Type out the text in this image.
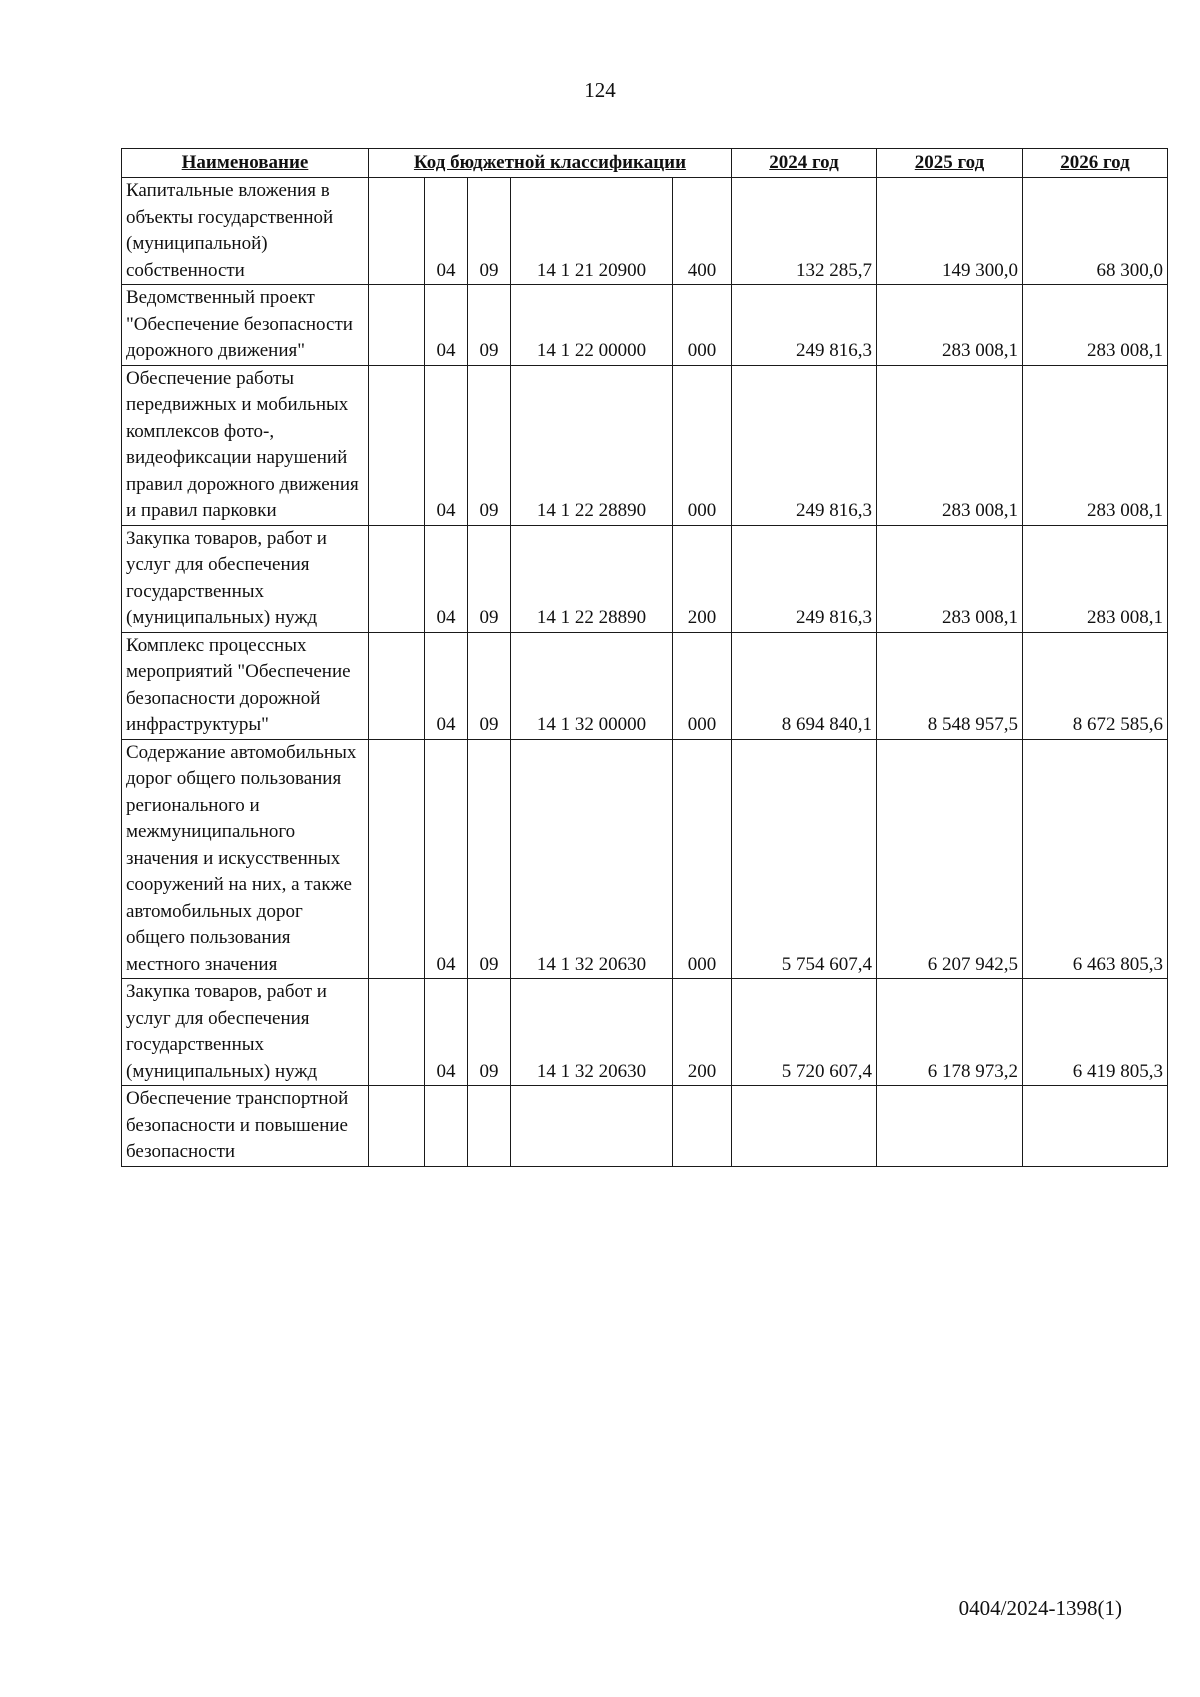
124
Наименование	Код бюджетной классификации					2024 год	2025 год	2026 год
Капитальные вложения в объекты государственной (муниципальной) собственности		04	09	14 1 21 20900	400	132 285,7	149 300,0	68 300,0
Ведомственный проект "Обеспечение безопасности дорожного движения"		04	09	14 1 22 00000	000	249 816,3	283 008,1	283 008,1
Обеспечение работы передвижных и мобильных комплексов фото-, видеофиксации нарушений правил дорожного движения и правил парковки		04	09	14 1 22 28890	000	249 816,3	283 008,1	283 008,1
Закупка товаров, работ и услуг для обеспечения государственных (муниципальных) нужд		04	09	14 1 22 28890	200	249 816,3	283 008,1	283 008,1
Комплекс процессных мероприятий "Обеспечение безопасности дорожной инфраструктуры"		04	09	14 1 32 00000	000	8 694 840,1	8 548 957,5	8 672 585,6
Содержание автомобильных дорог общего пользования регионального и межмуниципального значения и искусственных сооружений на них, а также автомобильных дорог общего пользования местного значения		04	09	14 1 32 20630	000	5 754 607,4	6 207 942,5	6 463 805,3
Закупка товаров, работ и услуг для обеспечения государственных (муниципальных) нужд		04	09	14 1 32 20630	200	5 720 607,4	6 178 973,2	6 419 805,3
Обеспечение транспортной безопасности и повышение безопасности								
0404/2024-1398(1)
